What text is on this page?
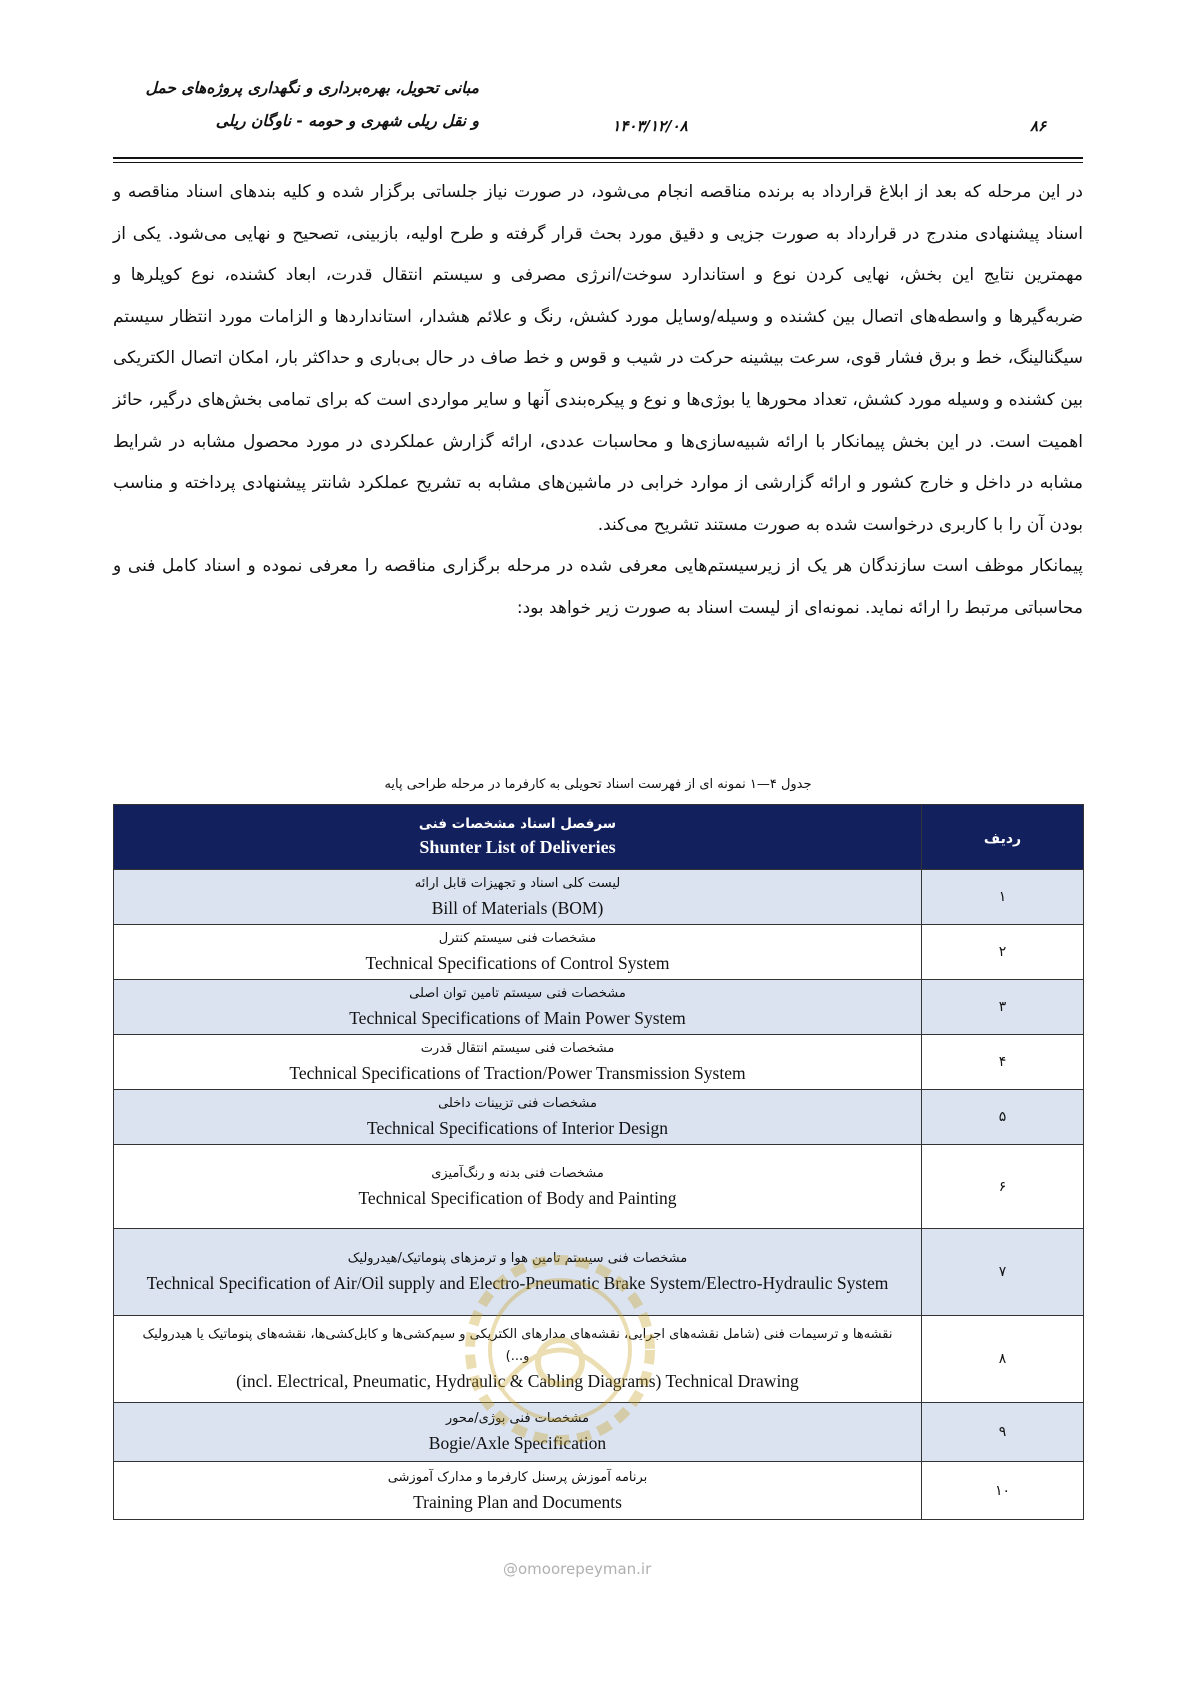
مبانی تحویل، بهره‌برداری و نگهداری پروژه‌های حمل
و نقل ریلی شهری و حومه - ناوگان ریلی	۱۴۰۳/۱۲/۰۸	۸۶

در این مرحله که بعد از ابلاغ قرارداد به برنده مناقصه انجام می‌شود، در صورت نیاز جلساتی برگزار شده و کلیه بندهای اسناد مناقصه و اسناد پیشنهادی مندرج در قرارداد به صورت جزیی و دقیق مورد بحث قرار گرفته و طرح اولیه، بازبینی، تصحیح و نهایی می‌شود. یکی از مهمترین نتایج این بخش، نهایی کردن نوع و استاندارد سوخت/انرژی مصرفی و سیستم انتقال قدرت، ابعاد کشنده، نوع کوپلرها و ضربه‌گیرها و واسطه‌های اتصال بین کشنده و وسیله/وسایل مورد کشش، رنگ و علائم هشدار، استانداردها و الزامات مورد انتظار سیستم سیگنالینگ، خط و برق فشار قوی، سرعت بیشینه حرکت در شیب و قوس و خط صاف در حال بی‌باری و حداکثر بار، امکان اتصال الکتریکی بین کشنده و وسیله مورد کشش، تعداد محورها یا بوژی‌ها و نوع و پیکره‌بندی آنها و سایر مواردی است که برای تمامی بخش‌های درگیر، حائز اهمیت است. در این بخش پیمانکار با ارائه شبیه‌سازی‌ها و محاسبات عددی، ارائه گزارش عملکردی در مورد محصول مشابه در شرایط مشابه در داخل و خارج کشور و ارائه گزارشی از موارد خرابی در ماشین‌های مشابه به تشریح عملکرد شانتر پیشنهادی پرداخته و مناسب بودن آن را با کاربری درخواست شده به صورت مستند تشریح می‌کند.

پیمانکار موظف است سازندگان هر یک از زیرسیستم‌هایی معرفی شده در مرحله برگزاری مناقصه را معرفی نموده و اسناد کامل فنی و محاسباتی مرتبط را ارائه نماید. نمونه‌ای از لیست اسناد به صورت زیر خواهد بود:

جدول ۴—۱ نمونه ای از فهرست اسناد تحویلی به کارفرما در مرحله طراحی پایه
سرفصل اسناد مشخصات فنی
Shunter List of Deliveries	ردیف

لیست کلی اسناد و تجهیزات قابل ارائه
Bill of Materials (BOM)	۱

مشخصات فنی سیستم کنترل
Technical Specifications of Control System	۲

مشخصات فنی سیستم تامین توان اصلی
Technical Specifications of Main Power System	۳

مشخصات فنی سیستم انتقال قدرت
Technical Specifications of Traction/Power Transmission System	۴

مشخصات فنی تزیینات داخلی
Technical Specifications of Interior Design	۵

مشخصات فنی بدنه و رنگ‌آمیزی
Technical Specification of Body and Painting	۶

مشخصات فنی سیستم تامین هوا و ترمزهای پنوماتیک/هیدرولیک
Technical Specification of Air/Oil supply and Electro-Pneumatic Brake System/Electro-Hydraulic System	۷

نقشه‌ها و ترسیمات فنی (شامل نقشه‌های اجرایی، نقشه‌های مدارهای الکتریکی و سیم‌کشی‌ها و کابل‌کشی‌ها، نقشه‌های پنوماتیک یا هیدرولیک و...)
(incl. Electrical, Pneumatic, Hydraulic & Cabling Diagrams) Technical Drawing	۸

مشخصات فنی بوژی/محور
Bogie/Axle Specification	۹

برنامه آموزش پرسنل کارفرما و مدارک آموزشی
Training Plan and Documents	۱۰
@omoorepeyman.ir
